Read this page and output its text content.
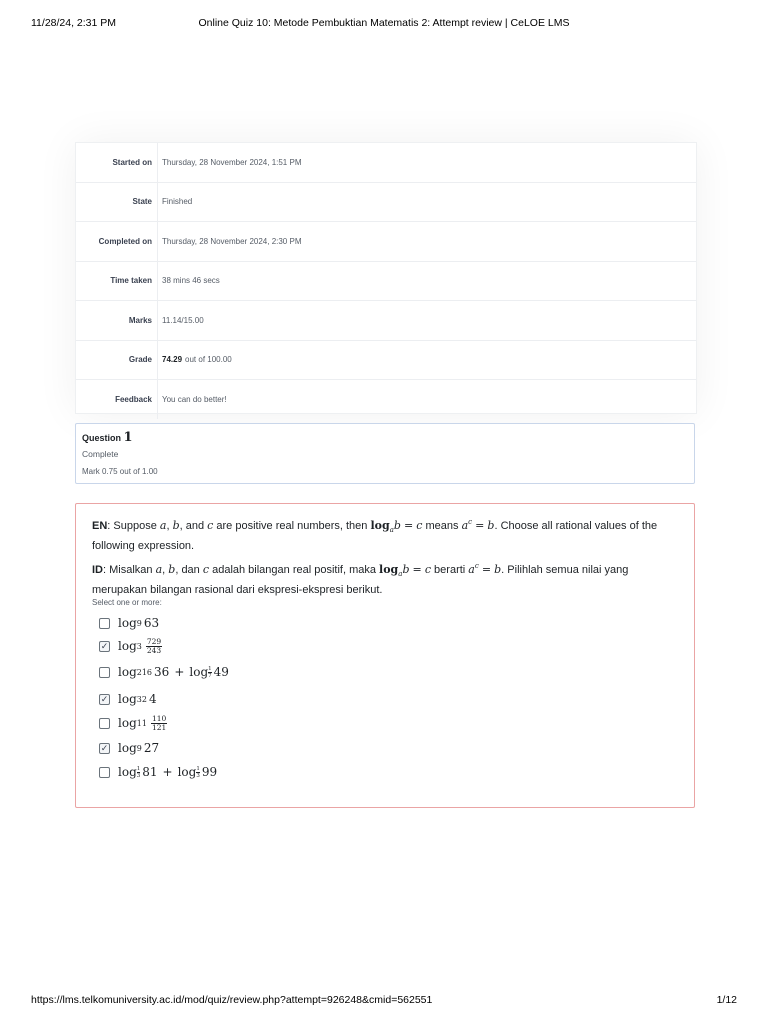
11/28/24, 2:31 PM	Online Quiz 10: Metode Pembuktian Matematis 2: Attempt review | CeLOE LMS
Started on	Thursday, 28 November 2024, 1:51 PM
State	Finished
Completed on	Thursday, 28 November 2024, 2:30 PM
Time taken	38 mins 46 secs
Marks	11.14/15.00
Grade	74.29 out of 100.00
Feedback	You can do better!
Question 1
Complete
Mark 0.75 out of 1.00

EN: Suppose a, b, and c are positive real numbers, then $\log_ab = c$ means $a^c = b$. Choose all rational values of the following expression.

ID: Misalkan a, b, dan c adalah bilangan real positif, maka $\log_ab = c$ berarti $a^c = b$. Pilihlah semua nilai yang merupakan bilangan rasional dari ekspresi-ekspresi berikut.

Select one or more:
log 9 63
✓ $\log 3 \frac{729}{243}$
log 216 $36 + \log \frac{1}{7} 49$
✓ log 32 4
$\log 11 \frac{110}{121}$
✓ log 9 27
log 1
3 $81 + \log \frac{1}{3} 99$
https://lms.telkomuniversity.ac.id/mod/quiz/review.php?attempt=926248&cmid=562551	1/12
